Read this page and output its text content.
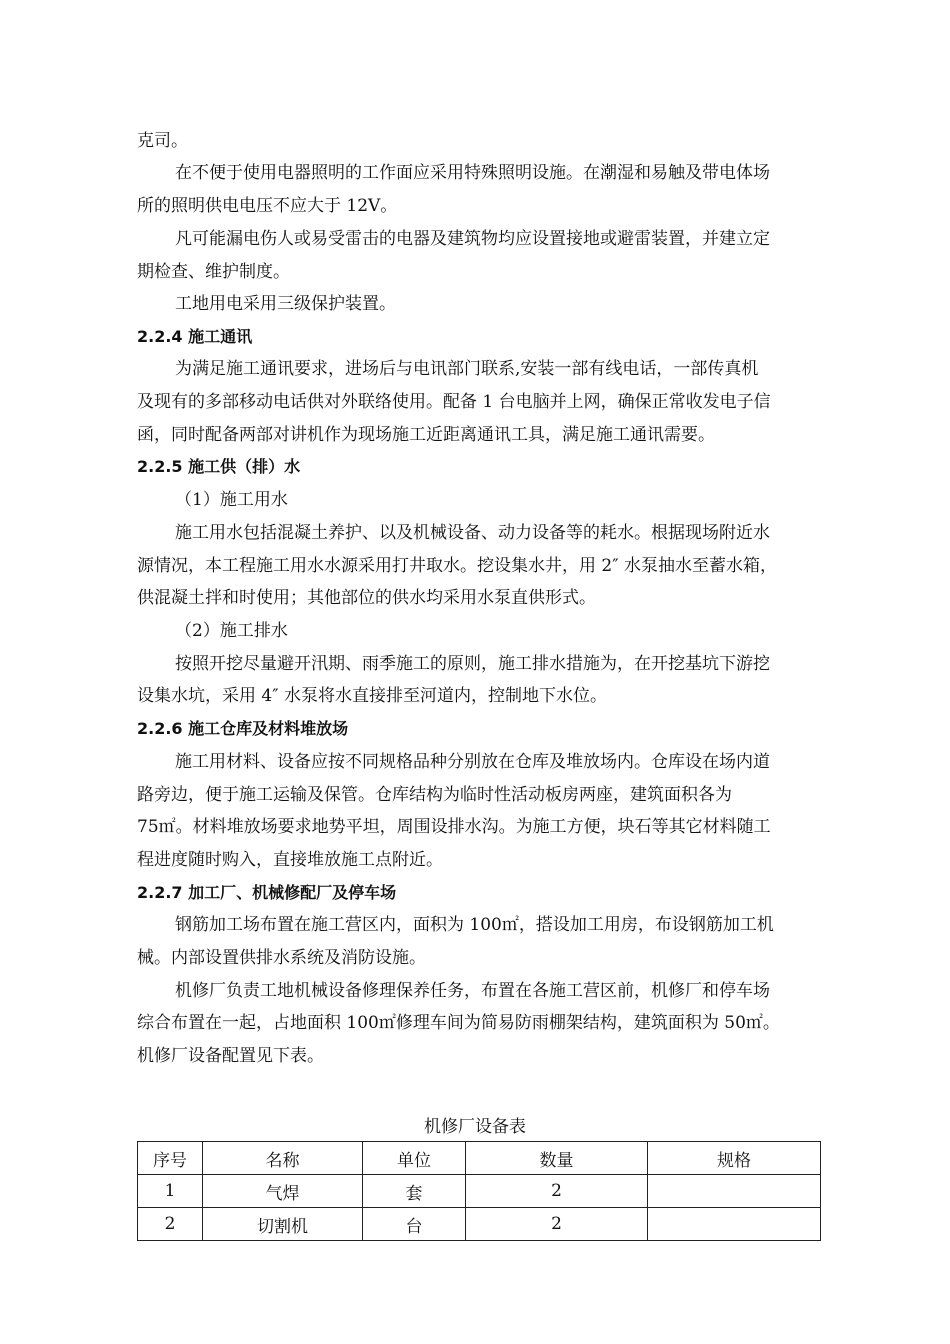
克司。
在不便于使用电器照明的工作面应采用特殊照明设施。在潮湿和易触及带电体场
所的照明供电电压不应大于 12V。
凡可能漏电伤人或易受雷击的电器及建筑物均应设置接地或避雷装置，并建立定
期检查、维护制度。
工地用电采用三级保护装置。
2.2.4 施工通讯
为满足施工通讯要求，进场后与电讯部门联系,安装一部有线电话，一部传真机
及现有的多部移动电话供对外联络使用。配备 1 台电脑并上网，确保正常收发电子信
函，同时配备两部对讲机作为现场施工近距离通讯工具，满足施工通讯需要。
2.2.5 施工供（排）水
（1）施工用水
施工用水包括混凝土养护、以及机械设备、动力设备等的耗水。根据现场附近水
源情况，本工程施工用水水源采用打井取水。挖设集水井，用 2″ 水泵抽水至蓄水箱，
供混凝土拌和时使用；其他部位的供水均采用水泵直供形式。
（2）施工排水
按照开挖尽量避开汛期、雨季施工的原则，施工排水措施为，在开挖基坑下游挖
设集水坑，采用 4″ 水泵将水直接排至河道内，控制地下水位。
2.2.6 施工仓库及材料堆放场
施工用材料、设备应按不同规格品种分别放在仓库及堆放场内。仓库设在场内道
路旁边，便于施工运输及保管。仓库结构为临时性活动板房两座，建筑面积各为
75㎡。材料堆放场要求地势平坦，周围设排水沟。为施工方便，块石等其它材料随工
程进度随时购入，直接堆放施工点附近。
2.2.7 加工厂、机械修配厂及停车场
钢筋加工场布置在施工营区内，面积为 100㎡，搭设加工用房，布设钢筋加工机
械。内部设置供排水系统及消防设施。
机修厂负责工地机械设备修理保养任务，布置在各施工营区前，机修厂和停车场
综合布置在一起，占地面积 100㎡修理车间为简易防雨棚架结构，建筑面积为 50㎡。
机修厂设备配置见下表。
机修厂设备表
序号	名称	单位	数量	规格
1	气焊	套	2	
2	切割机	台	2	
